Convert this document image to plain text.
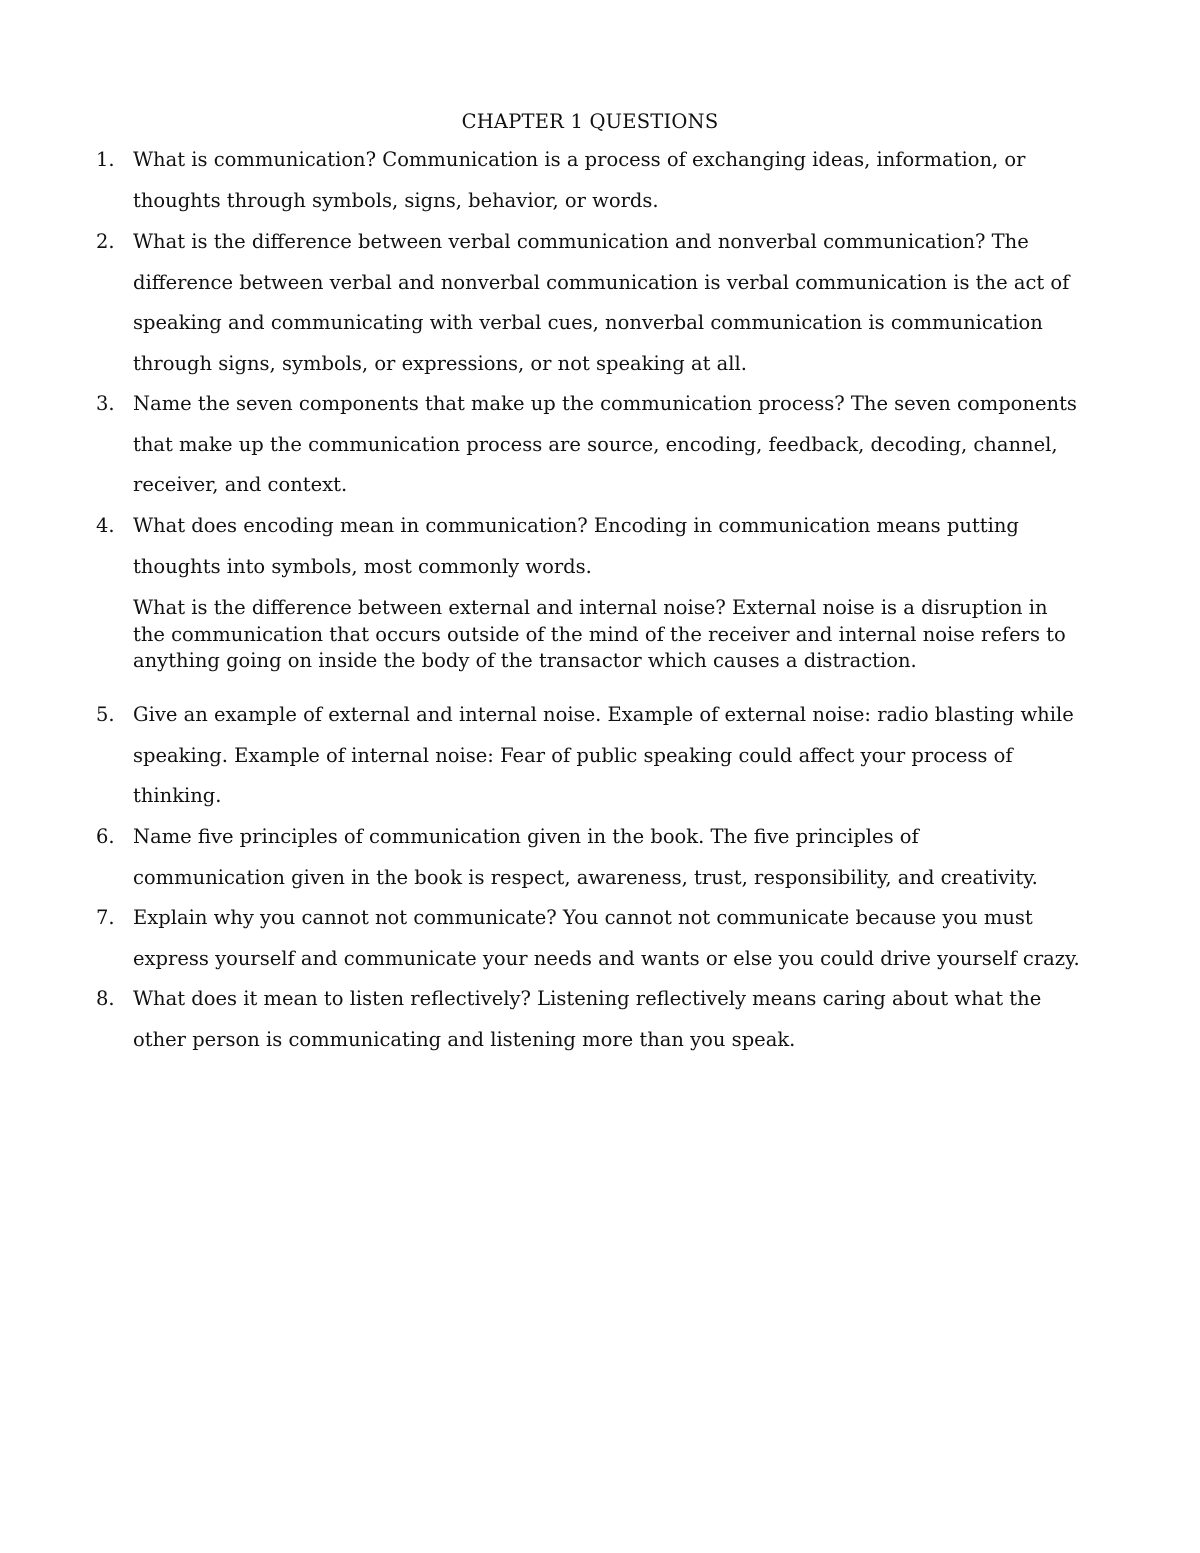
CHAPTER 1 QUESTIONS
1. What is communication? Communication is a process of exchanging ideas, information, or
thoughts through symbols, signs, behavior, or words.
2. What is the difference between verbal communication and nonverbal communication? The
difference between verbal and nonverbal communication is verbal communication is the act of
speaking and communicating with verbal cues, nonverbal communication is communication
through signs, symbols, or expressions, or not speaking at all.
3. Name the seven components that make up the communication process? The seven components
that make up the communication process are source, encoding, feedback, decoding, channel,
receiver, and context.
4. What does encoding mean in communication? Encoding in communication means putting
thoughts into symbols, most commonly words.
What is the difference between external and internal noise? External noise is a disruption in
the communication that occurs outside of the mind of the receiver and internal noise refers to
anything going on inside the body of the transactor which causes a distraction.
5. Give an example of external and internal noise. Example of external noise: radio blasting while
speaking. Example of internal noise: Fear of public speaking could affect your process of
thinking.
6. Name five principles of communication given in the book. The five principles of
communication given in the book is respect, awareness, trust, responsibility, and creativity.
7. Explain why you cannot not communicate? You cannot not communicate because you must
express yourself and communicate your needs and wants or else you could drive yourself crazy.
8. What does it mean to listen reflectively? Listening reflectively means caring about what the
other person is communicating and listening more than you speak.
